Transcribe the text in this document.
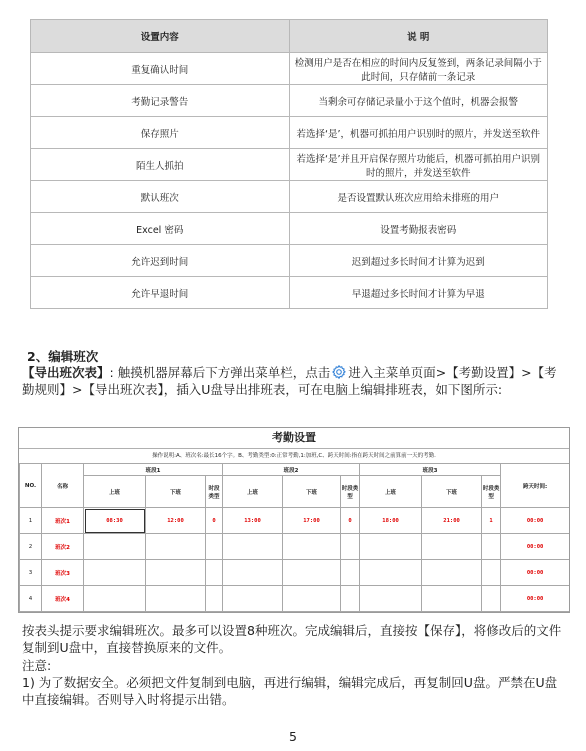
设置内容	说 明
重复确认时间	检测用户是否在相应的时间内反复签到，两条记录间隔小于此时间，只存储前一条记录
考勤记录警告	当剩余可存储记录量小于这个值时，机器会报警
保存照片	若选择‘是’，机器可抓拍用户识别时的照片，并发送至软件
陌生人抓拍	若选择‘是’并且开启保存照片功能后，机器可抓拍用户识别时的照片，并发送至软件
默认班次	是否设置默认班次应用给未排班的用户
Excel 密码	设置考勤报表密码
允许迟到时间	迟到超过多长时间才计算为迟到
允许早退时间	早退超过多长时间才计算为早退
2、编辑班次
【导出班次表】: 触摸机器屏幕后下方弹出菜单栏，点击 进入主菜单页面>【考勤设置】>【考勤规则】>【导出班次表】，插入U盘导出排班表，可在电脑上编辑排班表，如下图所示:
考勤设置
操作说明:A、班次名:最长16个字。B、考勤类型:0:正常考勤,1:加班,C、跨天时间:指在跨天时间之前算前一天的考勤.
NO.	名称	班段1			班段2			班段3			跨天时间:
		上班	下班	时段类型	上班	下班	时段类型	上班	下班	时段类型	
1	班次1	08:30	12:00	0	13:00	17:00	0	18:00	21:00	1	00:00
2	班次2										00:00
3	班次3										00:00
4	班次4										00:00
按表头提示要求编辑班次。最多可以设置8种班次。完成编辑后，直接按【保存】，将修改后的文件复制到U盘中，直接替换原来的文件。
注意:
1) 为了数据安全。必须把文件复制到电脑，再进行编辑，编辑完成后，再复制回U盘。严禁在U盘中直接编辑。否则导入时将提示出错。
5
